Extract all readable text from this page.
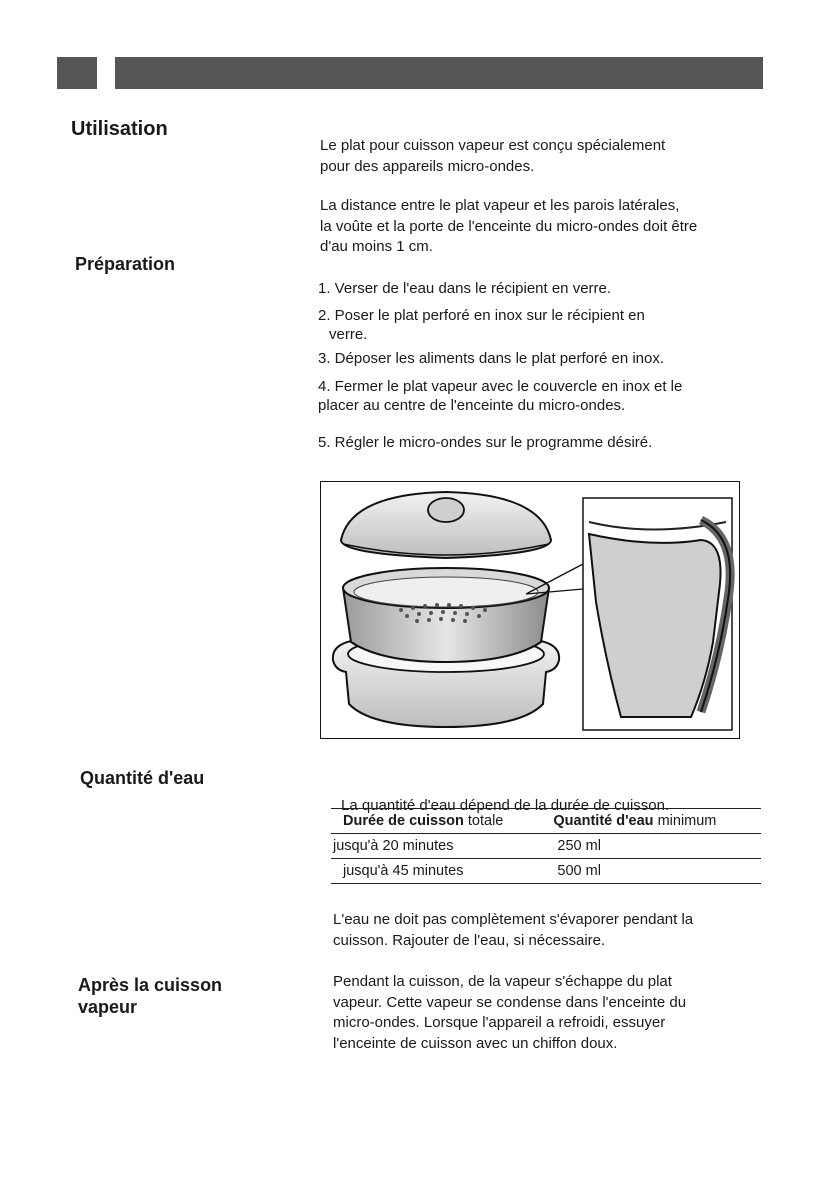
Utilisation
Préparation
Quantité d'eau
Après la cuisson
vapeur

Le plat pour cuisson vapeur est conçu spécialement

pour des appareils micro-ondes.

La distance entre le plat vapeur et les parois latérales,

la voûte et la porte de l'enceinte du micro-ondes doit être

d'au moins 1 cm.

1. Verser de l'eau dans le récipient en verre.
2. Poser le plat perforé en inox sur le récipient en
verre.
3. Déposer les aliments dans le plat perforé en inox.
4. Fermer le plat vapeur avec le couvercle en inox et le
placer au centre de l'enceinte du micro-ondes.
5. Régler le micro-ondes sur le programme désiré.
La quantité d'eau dépend de la durée de cuisson.
Durée de cuisson totale	Quantité d'eau minimum
jusqu'à 20 minutes	250 ml
jusqu'à 45 minutes	500 ml

L'eau ne doit pas complètement s'évaporer pendant la

cuisson. Rajouter de l'eau, si nécessaire.

Pendant la cuisson, de la vapeur s'échappe du plat

vapeur. Cette vapeur se condense dans l'enceinte du

micro-ondes. Lorsque l'appareil a refroidi, essuyer

l'enceinte de cuisson avec un chiffon doux.
